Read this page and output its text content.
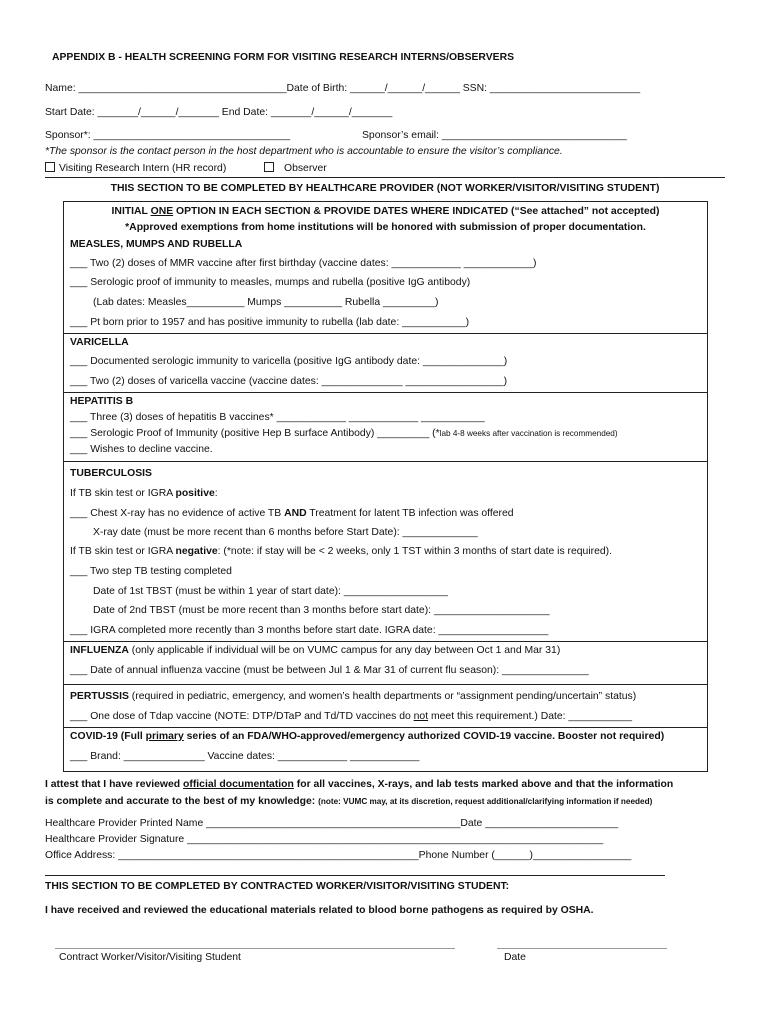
APPENDIX B - HEALTH SCREENING FORM FOR VISITING RESEARCH INTERNS/OBSERVERS
Name: ____________________________________Date of Birth: ______/______/______ SSN: __________________________
Start Date: _______/______/_______ End Date: _______/______/_______
Sponsor*: __________________________________	Sponsor’s email: ________________________________
*The sponsor is the contact person in the host department who is accountable to ensure the visitor’s compliance.
Visiting Research Intern (HR record)	Observer
THIS SECTION TO BE COMPLETED BY HEALTHCARE PROVIDER (NOT WORKER/VISITOR/VISITING STUDENT)
INITIAL ONE OPTION IN EACH SECTION & PROVIDE DATES WHERE INDICATED (“See attached” not accepted)
*Approved exemptions from home institutions will be honored with submission of proper documentation.
MEASLES, MUMPS AND RUBELLA
___ Two (2) doses of MMR vaccine after first birthday (vaccine dates: ____________ ____________)
___ Serologic proof of immunity to measles, mumps and rubella (positive IgG antibody)
(Lab dates: Measles__________ Mumps __________ Rubella _________)
___ Pt born prior to 1957 and has positive immunity to rubella (lab date: ___________)
VARICELLA
___ Documented serologic immunity to varicella (positive IgG antibody date: ______________)
___ Two (2) doses of varicella vaccine (vaccine dates: ______________ _________________)
HEPATITIS B
___ Three (3) doses of hepatitis B vaccines* ____________ ____________ ___________
___ Serologic Proof of Immunity (positive Hep B surface Antibody) _________ (*lab 4-8 weeks after vaccination is recommended)
___ Wishes to decline vaccine.
TUBERCULOSIS
If TB skin test or IGRA positive:
___ Chest X-ray has no evidence of active TB AND Treatment for latent TB infection was offered
X-ray date (must be more recent than 6 months before Start Date): _____________
If TB skin test or IGRA negative: (*note: if stay will be < 2 weeks, only 1 TST within 3 months of start date is required).
___ Two step TB testing completed
Date of 1st TBST (must be within 1 year of start date): __________________
Date of 2nd TBST (must be more recent than 3 months before start date): ____________________
___ IGRA completed more recently than 3 months before start date. IGRA date: ___________________
INFLUENZA (only applicable if individual will be on VUMC campus for any day between Oct 1 and Mar 31)
___ Date of annual influenza vaccine (must be between Jul 1 & Mar 31 of current flu season): _______________
PERTUSSIS (required in pediatric, emergency, and women’s health departments or “assignment pending/uncertain” status)
___ One dose of Tdap vaccine (NOTE: DTP/DTaP and Td/TD vaccines do not meet this requirement.) Date: ___________
COVID-19 (Full primary series of an FDA/WHO-approved/emergency authorized COVID-19 vaccine. Booster not required)
___ Brand: ______________ Vaccine dates: ____________ ____________
I attest that I have reviewed official documentation for all vaccines, X-rays, and lab tests marked above and that the information
is complete and accurate to the best of my knowledge: (note: VUMC may, at its discretion, request additional/clarifying information if needed)
Healthcare Provider Printed Name ____________________________________________Date _______________________
Healthcare Provider Signature ________________________________________________________________________
Office Address: ____________________________________________________Phone Number (______)_________________
THIS SECTION TO BE COMPLETED BY CONTRACTED WORKER/VISITOR/VISITING STUDENT:
I have received and reviewed the educational materials related to blood borne pathogens as required by OSHA.
Contract Worker/Visitor/Visiting Student	Date
